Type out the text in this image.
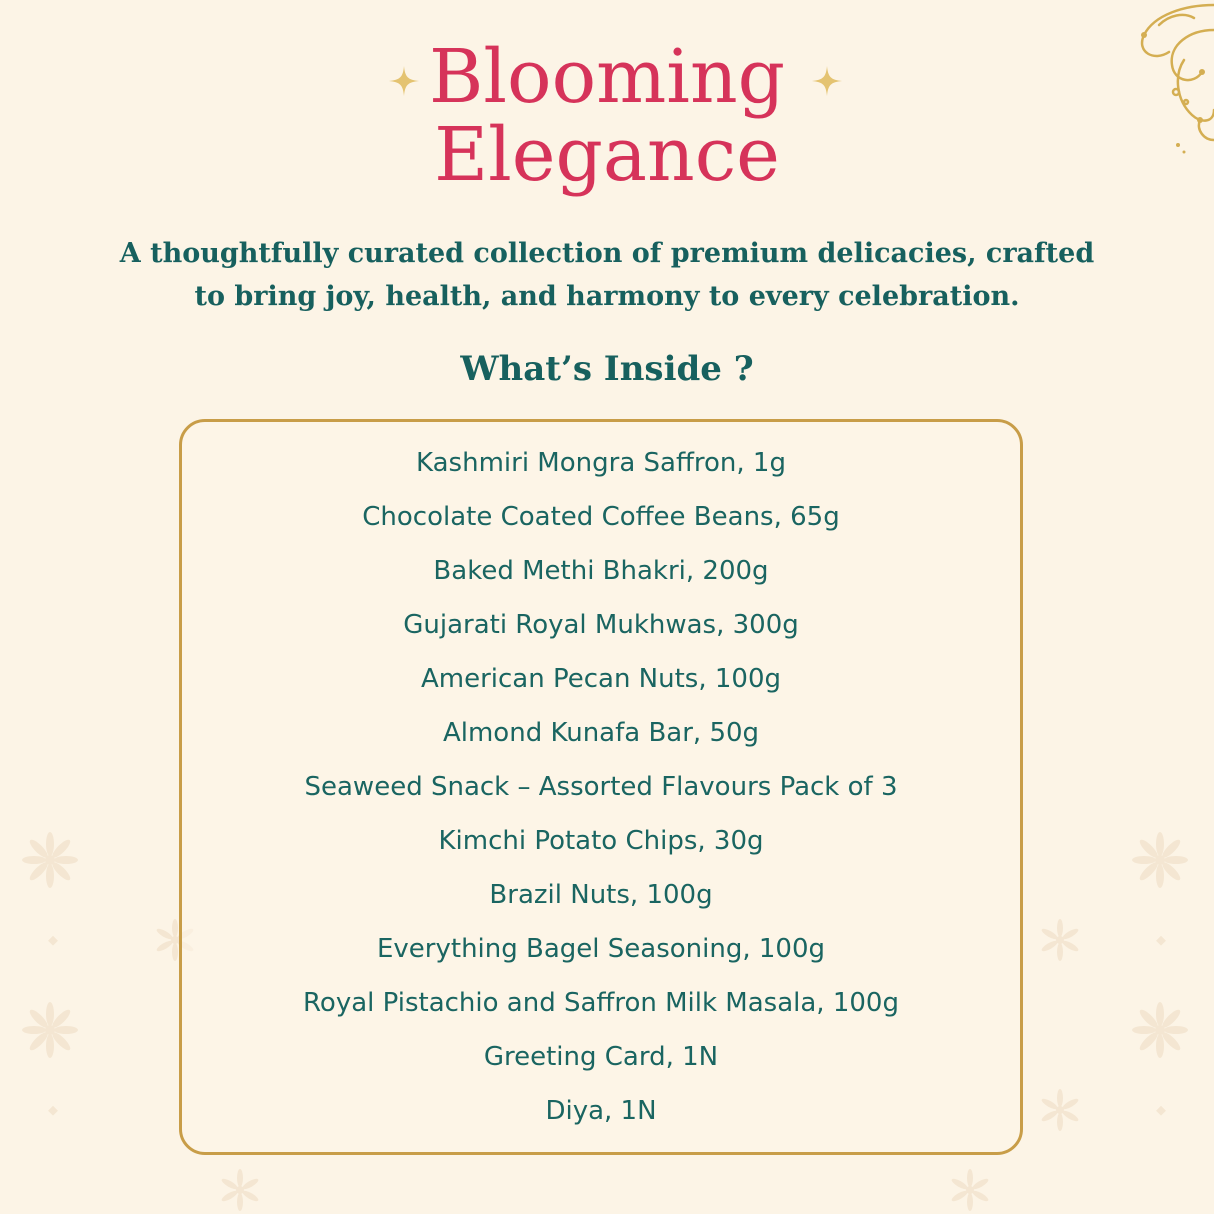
Blooming
Elegance
A thoughtfully curated collection of premium delicacies, crafted
to bring joy, health, and harmony to every celebration.
What’s Inside ?
Kashmiri Mongra Saffron, 1g
Chocolate Coated Coffee Beans, 65g
Baked Methi Bhakri, 200g
Gujarati Royal Mukhwas, 300g
American Pecan Nuts, 100g
Almond Kunafa Bar, 50g
Seaweed Snack – Assorted Flavours Pack of 3
Kimchi Potato Chips, 30g
Brazil Nuts, 100g
Everything Bagel Seasoning, 100g
Royal Pistachio and Saffron Milk Masala, 100g
Greeting Card, 1N
Diya, 1N
